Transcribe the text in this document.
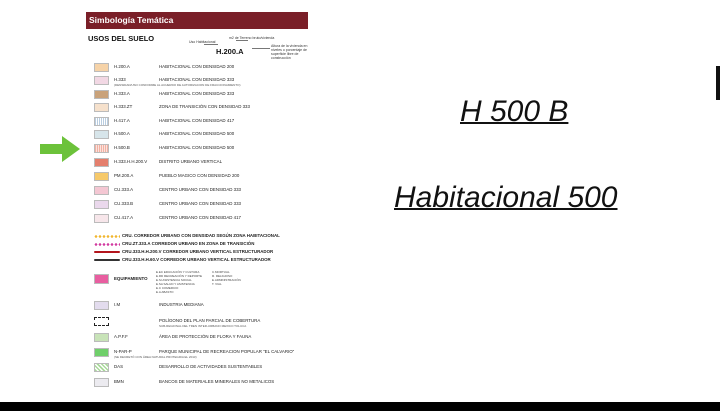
Simbología Temática
USOS DEL SUELO	Uso Habitacional
m2 de Terreno bruto/vivienda
Altura de la vivienda en niveles o porcentaje de superficie libre de construcción
H.200.A
H.200.A	HABITACIONAL CON DENSIDAD 200
H.333	HABITACIONAL CON DENSIDAD 333
(DENSIDAD/USO CONFORME AL ACUERDO DE AUTORIZACION DE FRACCIONAMIENTO)
H.333.A	HABITACIONAL CON DENSIDAD 333
H.333.ZT	ZONA DE TRANSICIÓN CON DENSIDAD 333
H.417.A	HABITACIONAL CON DENSIDAD 417
H.500.A	HABITACIONAL CON DENSIDAD 500
H.500.B	HABITACIONAL CON DENSIDAD 500
H.333.H.H.200.V	DISTRITO URBANO VERTICAL
PM.200.A	PUEBLO MAGICO CON DENSIDAD 200
CU.333.A	CENTRO URBANO CON DENSIDAD 333
CU.333.B	CENTRO URBANO CON DENSIDAD 333
CU.417.A	CENTRO URBANO CON DENSIDAD 417
CRU. CORREDOR URBANO CON DENSIDAD SEGÚN ZONA HABITACIONAL
CRU.ZT.333.A CORREDOR URBANO EN ZONA DE TRANSICIÓN
CRU.333.H.H.200.V CORREDOR URBANO VERTICAL ESTRUCTURADOR
CRU.333.H.H.60.V CORREDOR URBANO VERTICAL ESTRUCTURADOR
EQUIPAMIENTO
E.EC EDUCACIÓN Y CULTURA
E.RD RECREACIÓN Y DEPORTE
E.SI ASISTENCIA SOCIAL
E.SA SALUD Y ASISTENCIA
E.C COMERCIO
E.A ABASTO
C.MORTUAL
R. RELIGIOSO
E.ADMINISTRACIÓN
T. VIAL
I.M	INDUSTRIA MEDIANA
POLÍGONO DEL PLAN PARCIAL DE COBERTURA
SUB-REGIONAL DEL TREN INTER-URBANO MEXICO TOLUCA
A.P.F.F	ÁREA DE PROTECCIÓN DE FLORA Y FAUNA
N-PAR-P	PARQUE MUNICIPAL DE RECREACION POPULAR "EL CALVARIO"
(SE DECRETÓ CON ÁREA NATURAL PROTEGIDA EL 2013)
DAS	DESARROLLO DE ACTIVIDADES SUSTENTABLES
BMN	BANCOS DE MATERIALES MINERALES NO METALICOS
H 500 B
Habitacional 500
